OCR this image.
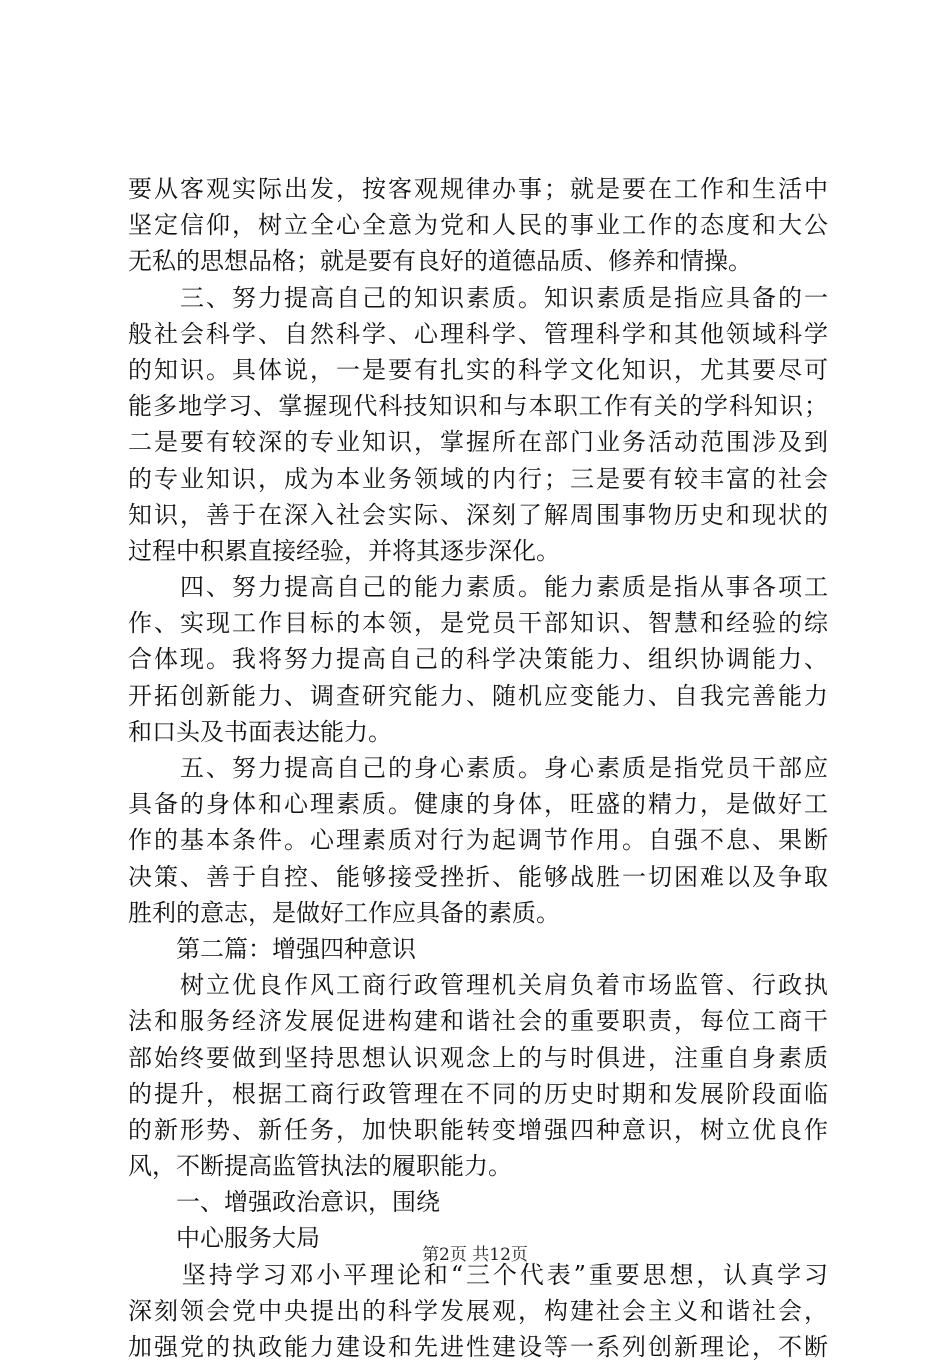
要从客观实际出发，按客观规律办事；就是要在工作和生活中
坚定信仰，树立全心全意为党和人民的事业工作的态度和大公
无私的思想品格；就是要有良好的道德品质、修养和情操。
　　三、努力提高自己的知识素质。知识素质是指应具备的一
般社会科学、自然科学、心理科学、管理科学和其他领域科学
的知识。具体说，一是要有扎实的科学文化知识，尤其要尽可
能多地学习、掌握现代科技知识和与本职工作有关的学科知识；
二是要有较深的专业知识，掌握所在部门业务活动范围涉及到
的专业知识，成为本业务领域的内行；三是要有较丰富的社会
知识，善于在深入社会实际、深刻了解周围事物历史和现状的
过程中积累直接经验，并将其逐步深化。
　　四、努力提高自己的能力素质。能力素质是指从事各项工
作、实现工作目标的本领，是党员干部知识、智慧和经验的综
合体现。我将努力提高自己的科学决策能力、组织协调能力、
开拓创新能力、调查研究能力、随机应变能力、自我完善能力
和口头及书面表达能力。
　　五、努力提高自己的身心素质。身心素质是指党员干部应
具备的身体和心理素质。健康的身体，旺盛的精力，是做好工
作的基本条件。心理素质对行为起调节作用。自强不息、果断
决策、善于自控、能够接受挫折、能够战胜一切困难以及争取
胜利的意志，是做好工作应具备的素质。
　　第二篇：增强四种意识
　　树立优良作风工商行政管理机关肩负着市场监管、行政执
法和服务经济发展促进构建和谐社会的重要职责，每位工商干
部始终要做到坚持思想认识观念上的与时俱进，注重自身素质
的提升，根据工商行政管理在不同的历史时期和发展阶段面临
的新形势、新任务，加快职能转变增强四种意识，树立优良作
风，不断提高监管执法的履职能力。
　　一、增强政治意识，围绕
　　中心服务大局
　　坚持学习邓小平理论和“三个代表”重要思想，认真学习
深刻领会党中央提出的科学发展观，构建社会主义和谐社会，
加强党的执政能力建设和先进性建设等一系列创新理论，不断
第2页 共12页
